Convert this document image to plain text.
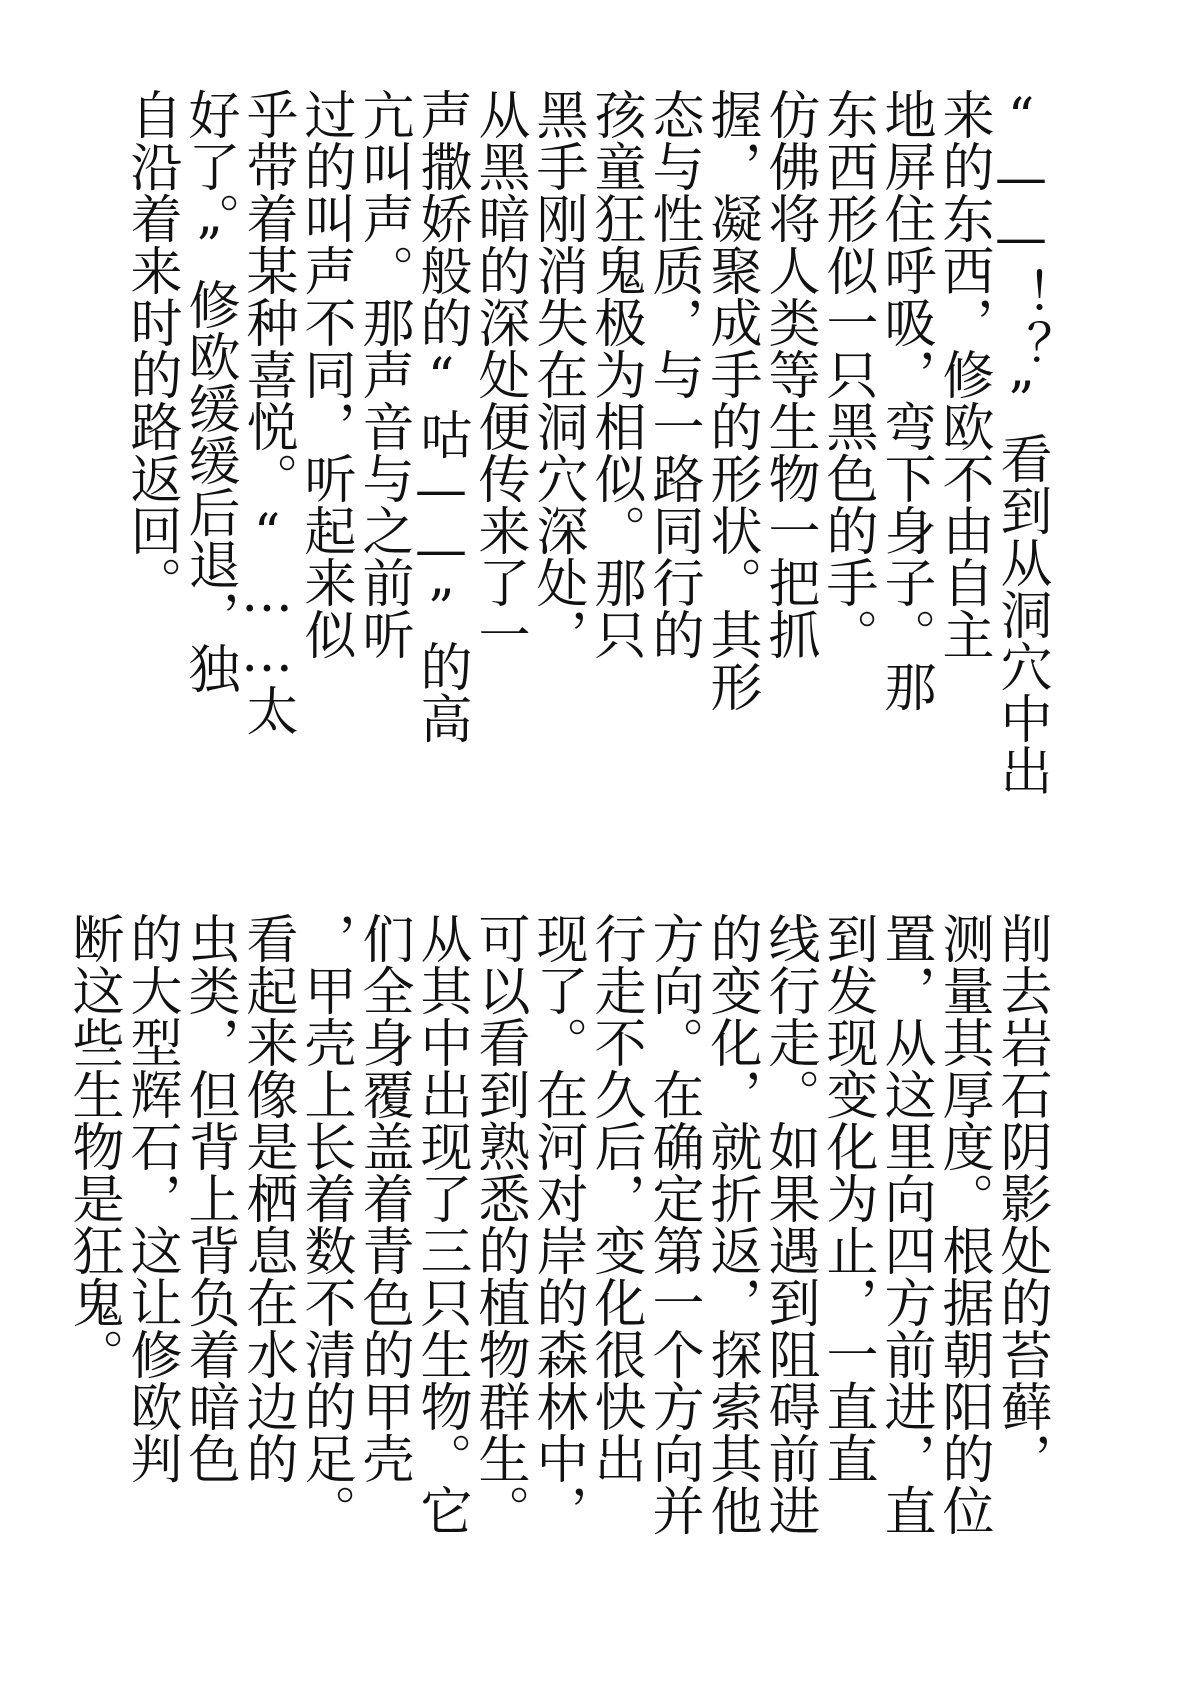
“——！？”看到从洞穴中出

来的东西，修欧不由自主

地屏住呼吸，弯下身子。那

东西形似一只黑色的手。

仿佛将人类等生物一把抓

握，凝聚成手的形状。其形

态与性质，与一路同行的

孩童狂鬼极为相似。那只

黑手刚消失在洞穴深处，

从黑暗的深处便传来了一

声撒娇般的“咕——”的高

亢叫声。那声音与之前听

过的叫声不同，听起来似

乎带着某种喜悦。“……太

好了。”修欧缓缓后退，独

自沿着来时的路返回。

削去岩石阴影处的苔藓，

测量其厚度。根据朝阳的位

置，从这里向四方前进，直

到发现变化为止，一直直

线行走。如果遇到阻碍前进

的变化，就折返，探索其他

方向。在确定第一个方向并

行走不久后，变化很快出

现了。在河对岸的森林中，

可以看到熟悉的植物群生。

从其中出现了三只生物。它

们全身覆盖着青色的甲壳

，甲壳上长着数不清的足。

看起来像是栖息在水边的

虫类，但背上背负着暗色

的大型辉石，这让修欧判

断这些生物是狂鬼。
